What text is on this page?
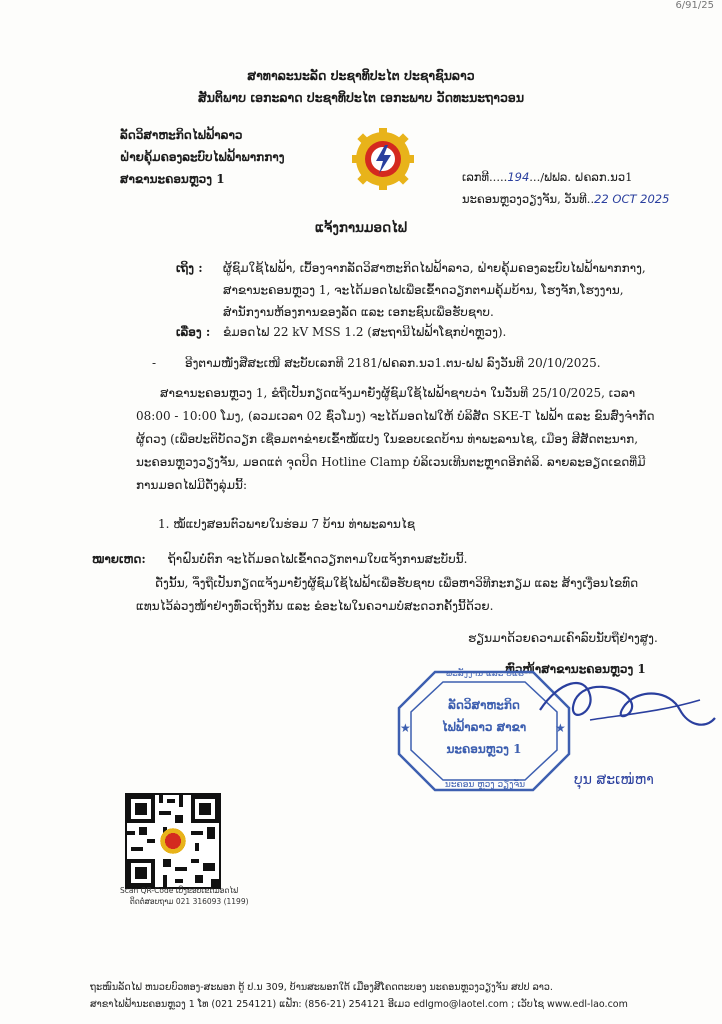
6/91/25
ສາທາລະນະລັດ ປະຊາທິປະໄຕ ປະຊາຊົນລາວ
ສັນຕິພາບ ເອກະລາດ ປະຊາທິປະໄຕ ເອກະພາບ ວັດທະນະຖາວອນ
ລັດວິສາຫະກິດໄຟຟ້າລາວ
ຝ່າຍຄຸ້ມຄອງລະບົບໄຟຟ້າພາກກາງ
ສາຂານະຄອນຫຼວງ 1	ເລກທີ.....194.../ຟຟລ. ຝຄລກ.ນວ1
ນະຄອນຫຼວງວຽງຈັນ, ວັນທີ..22 OCT 2025
ແຈ້ງການມອດໄຟ
ເຖິງ : ຜູ້ຊົມໃຊ້ໄຟຟ້າ, ເບື້ອງຈາກລັດວິສາຫະກິດໄຟຟ້າລາວ, ຝ່າຍຄຸ້ມຄອງລະບົບໄຟຟ້າພາກກາງ,
ສາຂານະຄອນຫຼວງ 1, ຈະໄດ້ມອດໄຟເພື່ອເຂົ້າດວຽກຕາມຄຸ້ມບ້ານ, ໂຮງຈັກ,ໂຮງງານ,
ສຳນັກງານຫ້ອງການຂອງລັດ ແລະ ເອກະຊົນເພື່ອຮັບຊາບ.
ເລື່ອງ : ຂໍມອດໄຟ 22 kV MSS 1.2 (ສະຖານີໄຟຟ້າໂຊກປ່າຫຼວງ).
- ອີງຕາມໜັງສືສະເໜີ ສະບັບເລກທີ 2181/ຝຄລກ.ນວ1.ຕນ-ຝຟ ລົງວັນທີ 20/10/2025.
ສາຂານະຄອນຫຼວງ 1, ຂໍຖືເປັນກຽດແຈ້ງມາຍັງຜູ້ຊົມໃຊ້ໄຟຟ້າຊາບວ່າ ໃນວັນທີ 25/10/2025, ເວລາ
08:00 - 10:00 ໂມງ, (ລວມເວລາ 02 ຊົ່ວໂມງ) ຈະໄດ້ມອດໄຟໃຫ້ ບໍລິສັດ SKE-T ໄຟຟ້າ ແລະ ຂົນສົ່ງຈຳກັດ
ຜູ້ດວງ (ເພື່ອປະຕິບັດວຽກ ເຊື່ອມຕາຂ່າຍເຂົ້າໝໍ້ແປງ ໃນຂອບເຂດບ້ານ ທ່າພະລານໄຊ, ເມືອງ ສີສັດຕະນາກ,
ນະຄອນຫຼວງວຽງຈັນ, ມອດແຕ່ ຈຸດປິດ Hotline Clamp ບໍລິເວນເທີນຕະຫຼາດອີກຕໍລິ. ລາຍລະອຽດເຂດທີ່ມີ
ການມອດໄຟມີດັ່ງລຸ່ມນີ້:
1. ໝໍ້ແປງສອນຕົວພາຍໃນຮ່ອມ 7 ບ້ານ ທ່າພະລານໄຊ
ໝາຍເຫດ: ຖ້າຝົນບໍ່ຕົກ ຈະໄດ້ມອດໄຟເຂົ້າດວຽກຕາມໃບແຈ້ງການສະບັບນີ້.
ດັ່ງນັ້ນ, ຈຶ່ງຖືເປັນກຽດແຈ້ງມາຍັງຜູ້ຊົມໃຊ້ໄຟຟ້າເພື່ອຮັບຊາບ ເພື່ອຫາວິທີກະກຽມ ແລະ ສ້າງເງື່ອນໄຂທົດ
ແທນໄວ້ລ່ວງໜ້າຢ່າງທົ່ວເຖິງກັນ ແລະ ຂໍອະໄພໃນຄວາມບໍ່ສະດວກຄັ້ງນີ້ດ້ວຍ.
ຮຽນມາດ້ວຍຄວາມເຄົາລົບນັບຖືຢ່າງສູງ.
ຫົວໜ້າສາຂານະຄອນຫຼວງ 1
★	★
ພະລັງງານ ແລະ ບໍ່ແຮ່
ລັດວິສາຫະກິດ
ໄຟຟ້າລາວ ສາຂາ
ນະຄອນຫຼວງ 1
ນະຄອນ ຫຼວງ ວຽງຈັນ	ບຸນ ສະເໜ່ຫາ
Scan QR-Code ເບິ່ງຂອບເຂດມອດໄຟ
ຕິດຕໍ່ສອບຖາມ 021 316093 (1199)
ຖະໜົນລັດໄຟ ຫນວຍບົວທອງ-ສະພອກ ຕູ້ ປ.ນ 309, ບ້ານສະພອກໃຕ້ ເມືອງສີໂຄດຕະບອງ ນະຄອນຫຼວງວຽງຈັນ ສປປ ລາວ.
ສາຂາໄຟຟ້ານະຄອນຫຼວງ 1 ໂທ (021 254121) ແຟັກ: (856-21) 254121 ອີເມວ edlgmo@laotel.com ; ເວັບໄຊ www.edl-lao.com
